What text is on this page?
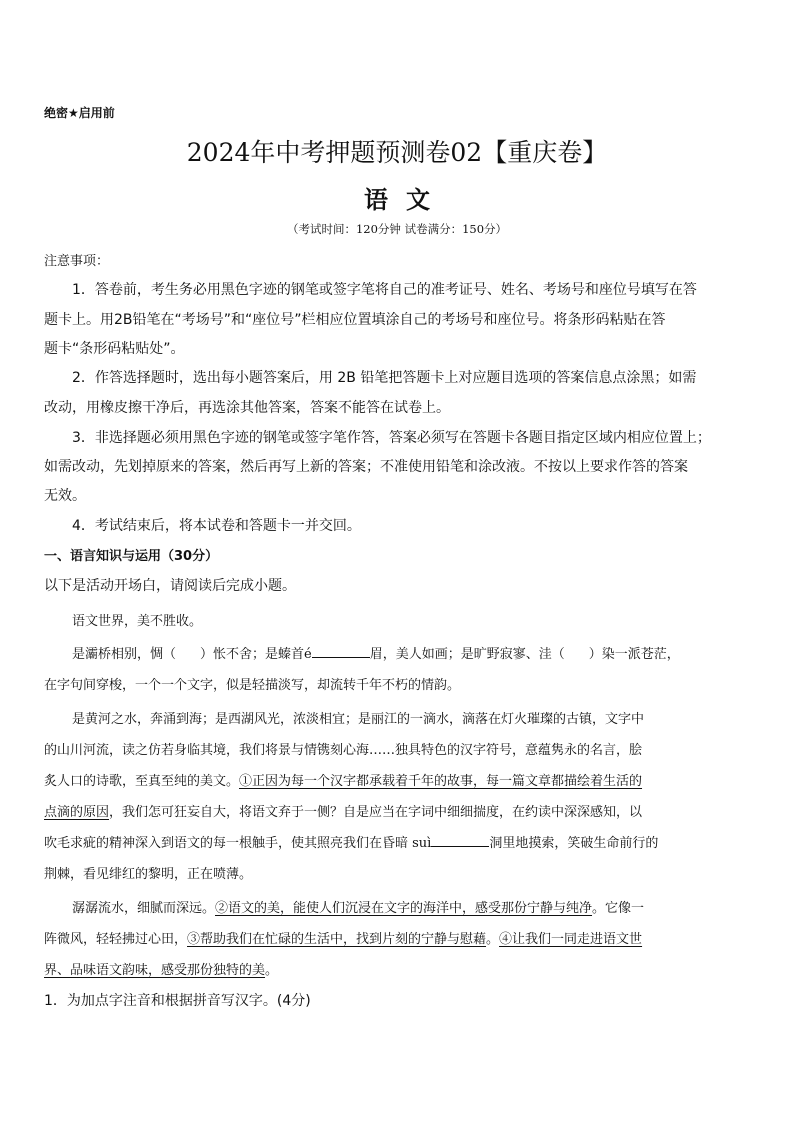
绝密★启用前
2024年中考押题预测卷02【重庆卷】
语文
（考试时间：120分钟 试卷满分：150分）
注意事项：
1．答卷前，考生务必用黑色字迹的钢笔或签字笔将自己的准考证号、姓名、考场号和座位号填写在答
题卡上。用2B铅笔在“考场号”和“座位号”栏相应位置填涂自己的考场号和座位号。将条形码粘贴在答
题卡“条形码粘贴处”。
2．作答选择题时，选出每小题答案后，用 2B 铅笔把答题卡上对应题目选项的答案信息点涂黑；如需
改动，用橡皮擦干净后，再选涂其他答案，答案不能答在试卷上。
3．非选择题必须用黑色字迹的钢笔或签字笔作答，答案必须写在答题卡各题目指定区域内相应位置上；
如需改动，先划掉原来的答案，然后再写上新的答案；不准使用铅笔和涂改液。不按以上要求作答的答案
无效。
4．考试结束后，将本试卷和答题卡一并交回。
一、语言知识与运用（30分）
以下是活动开场白，请阅读后完成小题。
语文世界，美不胜收。
是灞桥相别，惆（ ）怅不舍；是螓首é	眉，美人如画；是旷野寂寥、洼（ ）染一派苍茫，
在字句间穿梭，一个一个文字，似是轻描淡写，却流转千年不朽的情韵。
是黄河之水，奔涌到海；是西湖风光，浓淡相宜；是丽江的一滴水，滴落在灯火璀璨的古镇，文字中
的山川河流，读之仿若身临其境，我们将景与情镌刻心海……独具特色的汉字符号，意蕴隽永的名言，脍
炙人口的诗歌，至真至纯的美文。①正因为每一个汉字都承载着千年的故事，每一篇文章都描绘着生活的
点滴的原因，我们怎可狂妄自大，将语文弃于一侧？自是应当在字词中细细揣度，在约读中深深感知，以
吹毛求疵的精神深入到语文的每一根触手，使其照亮我们在昏暗 suì	洞里地摸索，笑破生命前行的
荆棘，看见绯红的黎明，正在喷薄。
潺潺流水，细腻而深远。②语文的美，能使人们沉浸在文字的海洋中，感受那份宁静与纯净。它像一
阵微风，轻轻拂过心田，③帮助我们在忙碌的生活中，找到片刻的宁静与慰藉。④让我们一同走进语文世
界、品味语文韵味，感受那份独特的美。
1．为加点字注音和根据拼音写汉字。(4分)
